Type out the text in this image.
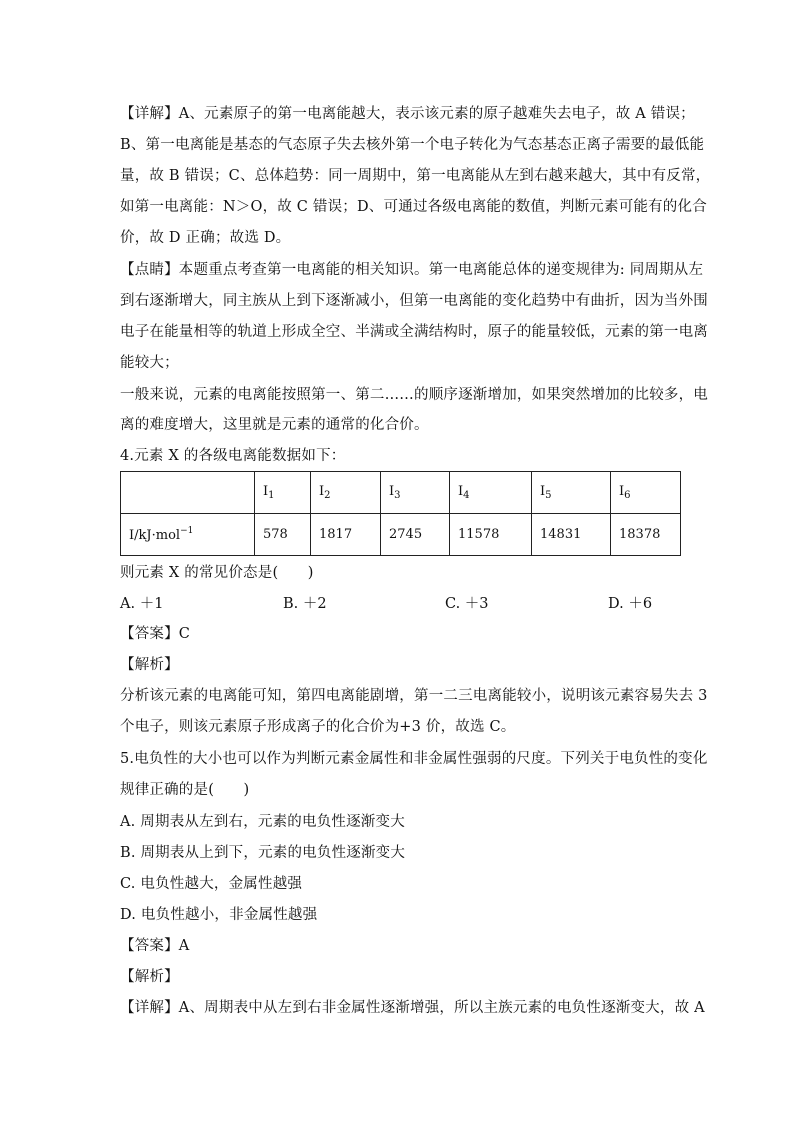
【详解】A、元素原子的第一电离能越大，表示该元素的原子越难失去电子，故 A 错误；
B、第一电离能是基态的气态原子失去核外第一个电子转化为气态基态正离子需要的最低能
量，故 B 错误；C、总体趋势：同一周期中，第一电离能从左到右越来越大，其中有反常，
如第一电离能：N＞O，故 C 错误；D、可通过各级电离能的数值，判断元素可能有的化合
价，故 D 正确；故选 D。
【点睛】本题重点考查第一电离能的相关知识。第一电离能总体的递变规律为: 同周期从左
到右逐渐增大，同主族从上到下逐渐减小，但第一电离能的变化趋势中有曲折，因为当外围
电子在能量相等的轨道上形成全空、半满或全满结构时，原子的能量较低，元素的第一电离
能较大；
一般来说，元素的电离能按照第一、第二……的顺序逐渐增加，如果突然增加的比较多，电
离的难度增大，这里就是元素的通常的化合价。
4.元素 X 的各级电离能数据如下：
	$I_1$	$I_2$	$I_3$	$I_4$	$I_5$	$I_6$
I/kJ·mol$^{-1}$	578	1817	2745	11578	14831	18378
则元素 X 的常见价态是(　　)
A. ＋1	B. ＋2	C. ＋3	D. ＋6
【答案】C
【解析】
分析该元素的电离能可知，第四电离能剧增，第一二三电离能较小，说明该元素容易失去 3
个电子，则该元素原子形成离子的化合价为+3 价，故选 C。
5.电负性的大小也可以作为判断元素金属性和非金属性强弱的尺度。下列关于电负性的变化
规律正确的是(　　)
A. 周期表从左到右，元素的电负性逐渐变大
B. 周期表从上到下，元素的电负性逐渐变大
C. 电负性越大，金属性越强
D. 电负性越小，非金属性越强
【答案】A
【解析】
【详解】A、周期表中从左到右非金属性逐渐增强，所以主族元素的电负性逐渐变大，故 A
